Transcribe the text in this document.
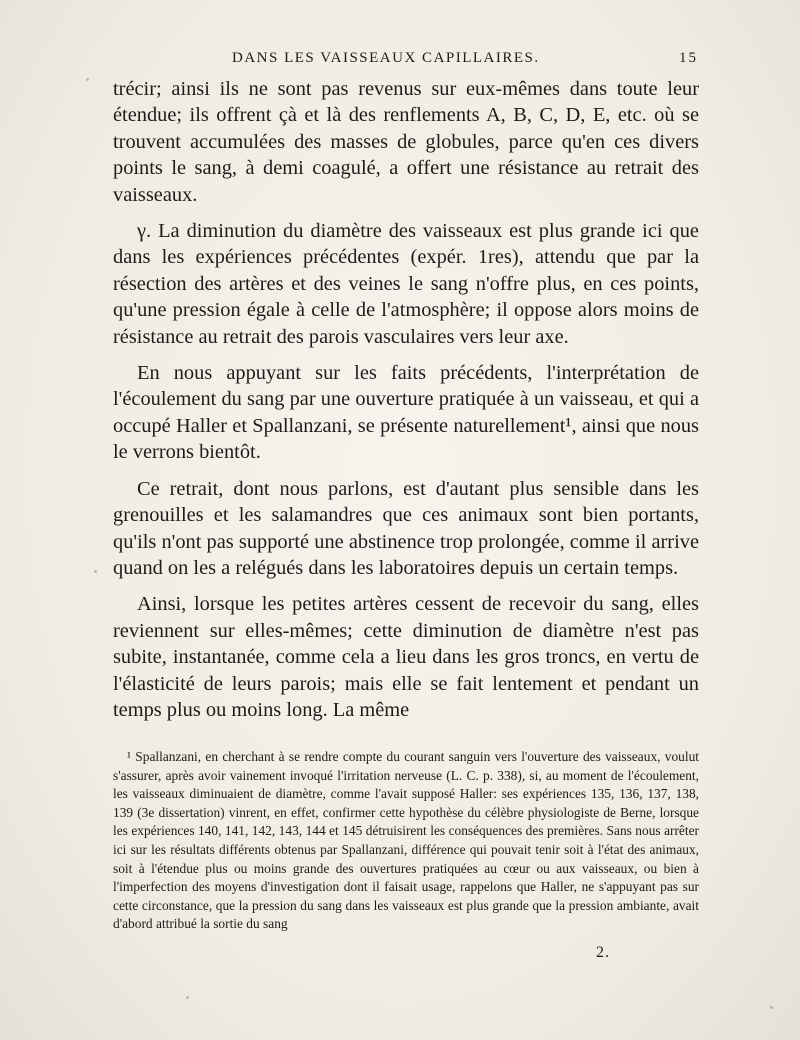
DANS LES VAISSEAUX CAPILLAIRES.	15

trécir; ainsi ils ne sont pas revenus sur eux-mêmes dans toute leur étendue; ils offrent çà et là des renflements A, B, C, D, E, etc. où se trouvent accumulées des masses de globules, parce qu'en ces divers points le sang, à demi coagulé, a offert une résistance au retrait des vaisseaux.

γ. La diminution du diamètre des vaisseaux est plus grande ici que dans les expériences précédentes (expér. 1res), attendu que par la résection des artères et des veines le sang n'offre plus, en ces points, qu'une pression égale à celle de l'atmosphère; il oppose alors moins de résistance au retrait des parois vasculaires vers leur axe.

En nous appuyant sur les faits précédents, l'interprétation de l'écoulement du sang par une ouverture pratiquée à un vaisseau, et qui a occupé Haller et Spallanzani, se présente naturellement¹, ainsi que nous le verrons bientôt.

Ce retrait, dont nous parlons, est d'autant plus sensible dans les grenouilles et les salamandres que ces animaux sont bien portants, qu'ils n'ont pas supporté une abstinence trop prolongée, comme il arrive quand on les a relégués dans les laboratoires depuis un certain temps.

Ainsi, lorsque les petites artères cessent de recevoir du sang, elles reviennent sur elles-mêmes; cette diminution de diamètre n'est pas subite, instantanée, comme cela a lieu dans les gros troncs, en vertu de l'élasticité de leurs parois; mais elle se fait lentement et pendant un temps plus ou moins long. La même

¹ Spallanzani, en cherchant à se rendre compte du courant sanguin vers l'ouverture des vaisseaux, voulut s'assurer, après avoir vainement invoqué l'irritation nerveuse (L. C. p. 338), si, au moment de l'écoulement, les vaisseaux diminuaient de diamètre, comme l'avait supposé Haller: ses expériences 135, 136, 137, 138, 139 (3e dissertation) vinrent, en effet, confirmer cette hypothèse du célèbre physiologiste de Berne, lorsque les expériences 140, 141, 142, 143, 144 et 145 détruisirent les conséquences des premières. Sans nous arrêter ici sur les résultats différents obtenus par Spallanzani, différence qui pouvait tenir soit à l'état des animaux, soit à l'étendue plus ou moins grande des ouvertures pratiquées au cœur ou aux vaisseaux, ou bien à l'imperfection des moyens d'investigation dont il faisait usage, rappelons que Haller, ne s'appuyant pas sur cette circonstance, que la pression du sang dans les vaisseaux est plus grande que la pression ambiante, avait d'abord attribué la sortie du sang

2.
